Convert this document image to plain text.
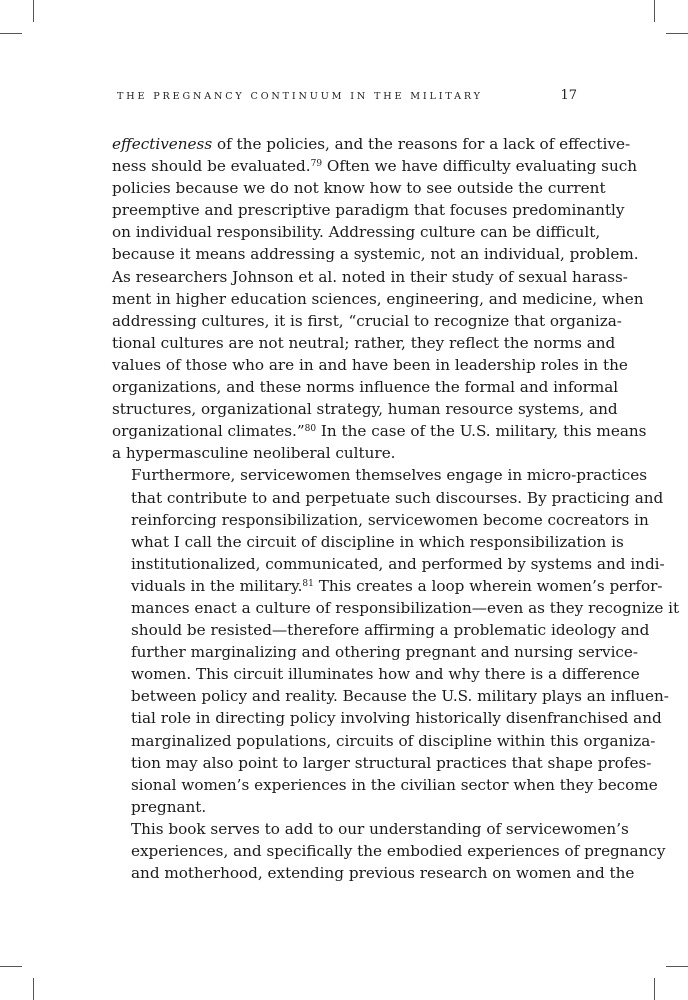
THE PREGNANCY CONTINUUM IN THE MILITARY	17

effectiveness of the policies, and the reasons for a lack of effective-
ness should be evaluated.$^{79}$ Often we have difficulty evaluating such
policies because we do not know how to see outside the current
preemptive and prescriptive paradigm that focuses predominantly
on individual responsibility. Addressing culture can be difficult,
because it means addressing a systemic, not an individual, problem.
As researchers Johnson et al. noted in their study of sexual harass-
ment in higher education sciences, engineering, and medicine, when
addressing cultures, it is first, “crucial to recognize that organiza-
tional cultures are not neutral; rather, they reflect the norms and
values of those who are in and have been in leadership roles in the
organizations, and these norms influence the formal and informal
structures, organizational strategy, human resource systems, and
organizational climates.”$^{80}$ In the case of the U.S. military, this means
a hypermasculine neoliberal culture.

Furthermore, servicewomen themselves engage in micro-practices
that contribute to and perpetuate such discourses. By practicing and
reinforcing responsibilization, servicewomen become cocreators in
what I call the circuit of discipline in which responsibilization is
institutionalized, communicated, and performed by systems and indi-
viduals in the military.$^{81}$ This creates a loop wherein women’s perfor-
mances enact a culture of responsibilization—even as they recognize it
should be resisted—therefore affirming a problematic ideology and
further marginalizing and othering pregnant and nursing service-
women. This circuit illuminates how and why there is a difference
between policy and reality. Because the U.S. military plays an influen-
tial role in directing policy involving historically disenfranchised and
marginalized populations, circuits of discipline within this organiza-
tion may also point to larger structural practices that shape profes-
sional women’s experiences in the civilian sector when they become
pregnant.

This book serves to add to our understanding of servicewomen’s
experiences, and specifically the embodied experiences of pregnancy
and motherhood, extending previous research on women and the
